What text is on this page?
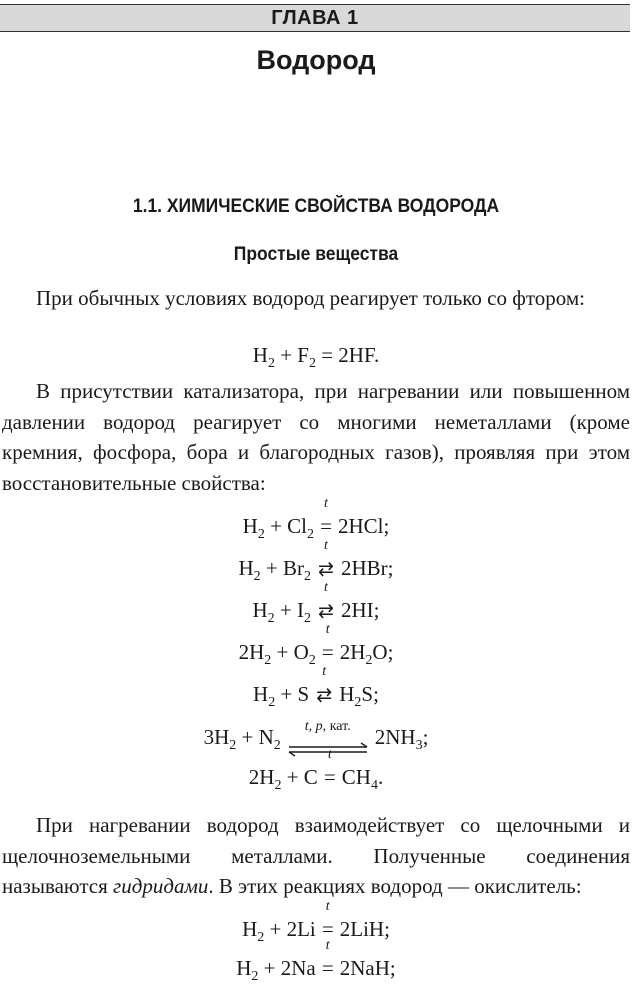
ГЛАВА 1
Водород
1.1. ХИМИЧЕСКИЕ СВОЙСТВА ВОДОРОДА
Простые вещества

При обычных условиях водород реагирует только со фтором:

$H_2 + F_2 = 2HF$.

В присутствии катализатора, при нагревании или повышенном давлении водород реагирует со многими неметаллами (кроме кремния, фосфора, бора и благородных газов), проявляя при этом восстановительные свойства:

$H_2 + Cl_2$
t
= 2HCl;
$H_2 + Br_2$
t
⇄ 2HBr;
$H_2 + I_2$
t
⇄ 2HI;
$2H_2 + O_2$
t
= $2H_2O$;
$H_2 + S$
t
⇄ $H_2S$;
$3H_2 + N_2$
t, p, кат.	$2NH_3$;
$2H_2 + C$
t
= $CH_4$.

При нагревании водород взаимодействует со щелочными и щелочноземельными металлами. Полученные соединения называются гидридами. В этих реакциях водород — окислитель:

$H_2 + 2Li$
t
= 2LiH;
$H_2 + 2Na$
t
= 2NaH;
